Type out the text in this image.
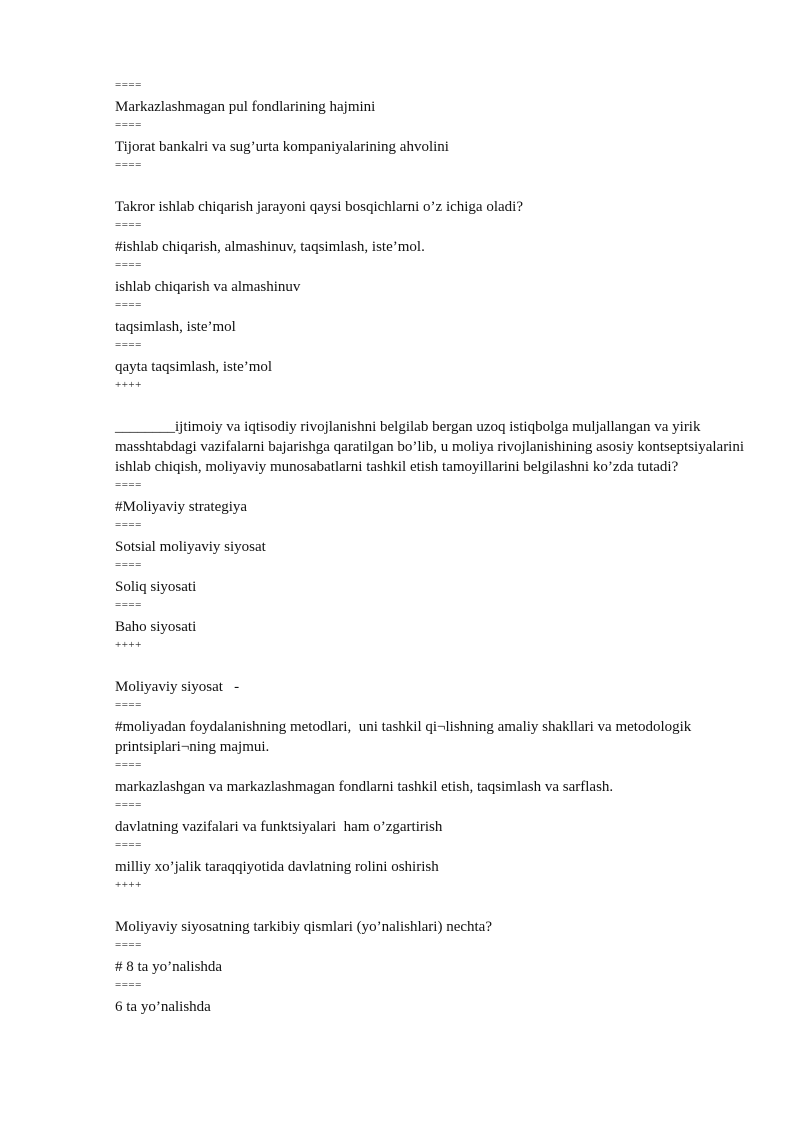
====
Markazlashmagan pul fondlarining hajmini
====
Tijorat bankalri va sug’urta kompaniyalarining ahvolini
====
Takror ishlab chiqarish jarayoni qaysi bosqichlarni o’z ichiga oladi?
====
#ishlab chiqarish, almashinuv, taqsimlash, iste’mol.
====
ishlab chiqarish va almashinuv
====
taqsimlash, iste’mol
====
qayta taqsimlash, iste’mol
++++
________ijtimoiy va iqtisodiy rivojlanishni belgilab bergan uzoq istiqbolga muljallangan va yirik masshtabdagi vazifalarni bajarishga qaratilgan bo’lib, u moliya rivojlanishining asosiy kontseptsiyalarini ishlab chiqish, moliyaviy munosabatlarni tashkil etish tamoyillarini belgilashni ko’zda tutadi?
====
#Moliyaviy strategiya
====
Sotsial moliyaviy siyosat
====
Soliq siyosati
====
Baho siyosati
++++
Moliyaviy siyosat   -
====
#moliyadan foydalanishning metodlari,  uni tashkil qi¬lishning amaliy shakllari va metodologik printsiplari¬ning majmui.
====
markazlashgan va markazlashmagan fondlarni tashkil etish, taqsimlash va sarflash.
====
davlatning vazifalari va funktsiyalari  ham o’zgartirish
====
milliy xo’jalik taraqqiyotida davlatning rolini oshirish
++++
Moliyaviy siyosatning tarkibiy qismlari (yo’nalishlari) nechta?
====
# 8 ta yo’nalishda
====
6 ta yo’nalishda
